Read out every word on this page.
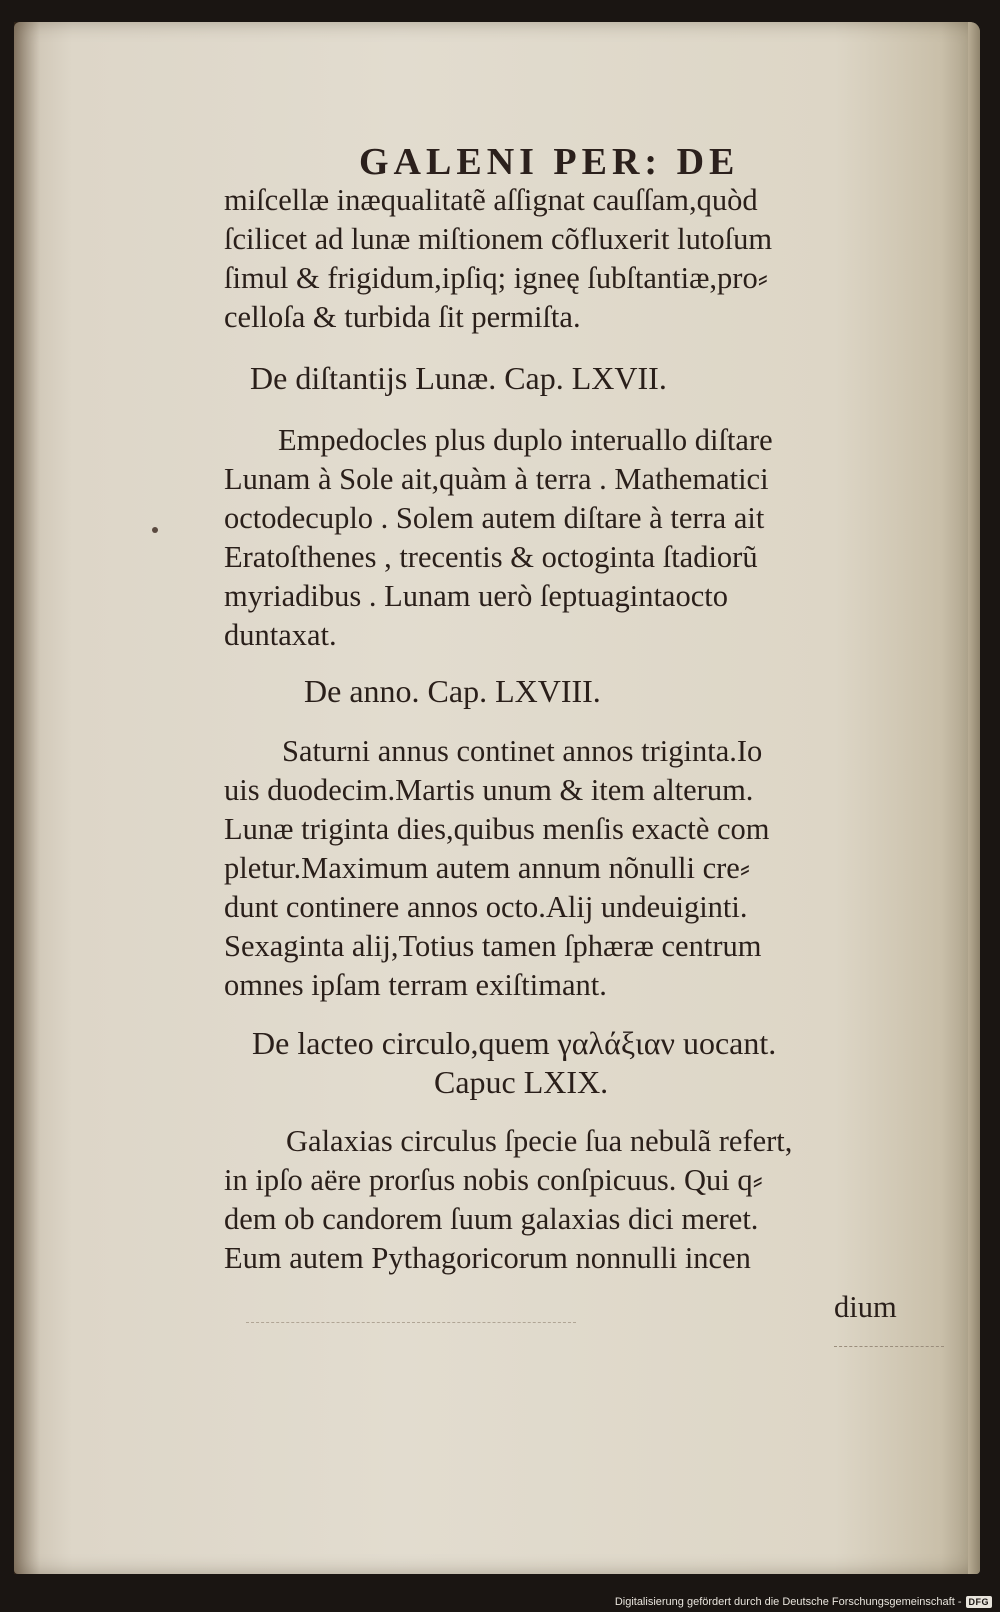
GALENI PER: DE
miſcellæ inæqualitatẽ aſſignat cauſſam,quòd
ſcilicet ad lunæ miſtionem cõfluxerit lutoſum
ſimul & frigidum,ipſiq; igneę ſubſtantiæ,pro⸗
celloſa & turbida ſit permiſta.
De diſtantijs Lunæ. Cap. LXVII.
Empedocles plus duplo interuallo diſtare
Lunam à Sole ait,quàm à terra . Mathematici
octodecuplo . Solem autem diſtare à terra ait
Eratoſthenes , trecentis & octoginta ſtadiorũ
myriadibus . Lunam uerò ſeptuagintaocto
duntaxat.
De anno. Cap. LXVIII.
Saturni annus continet annos triginta.Io
uis duodecim.Martis unum & item alterum.
Lunæ triginta dies,quibus menſis exactè com
pletur.Maximum autem annum nõnulli cre⸗
dunt continere annos octo.Alij undeuiginti.
Sexaginta alij,Totius tamen ſphæræ centrum
omnes ipſam terram exiſtimant.
De lacteo circulo,quem γαλάξιαν uocant.
Capuc LXIX.
Galaxias circulus ſpecie ſua nebulã refert,
in ipſo aëre prorſus nobis conſpicuus. Qui q⸗
dem ob candorem ſuum galaxias dici meret.
Eum autem Pythagoricorum nonnulli incen
dium
Digitalisierung gefördert durch die Deutsche Forschungsgemeinschaft - DFG
